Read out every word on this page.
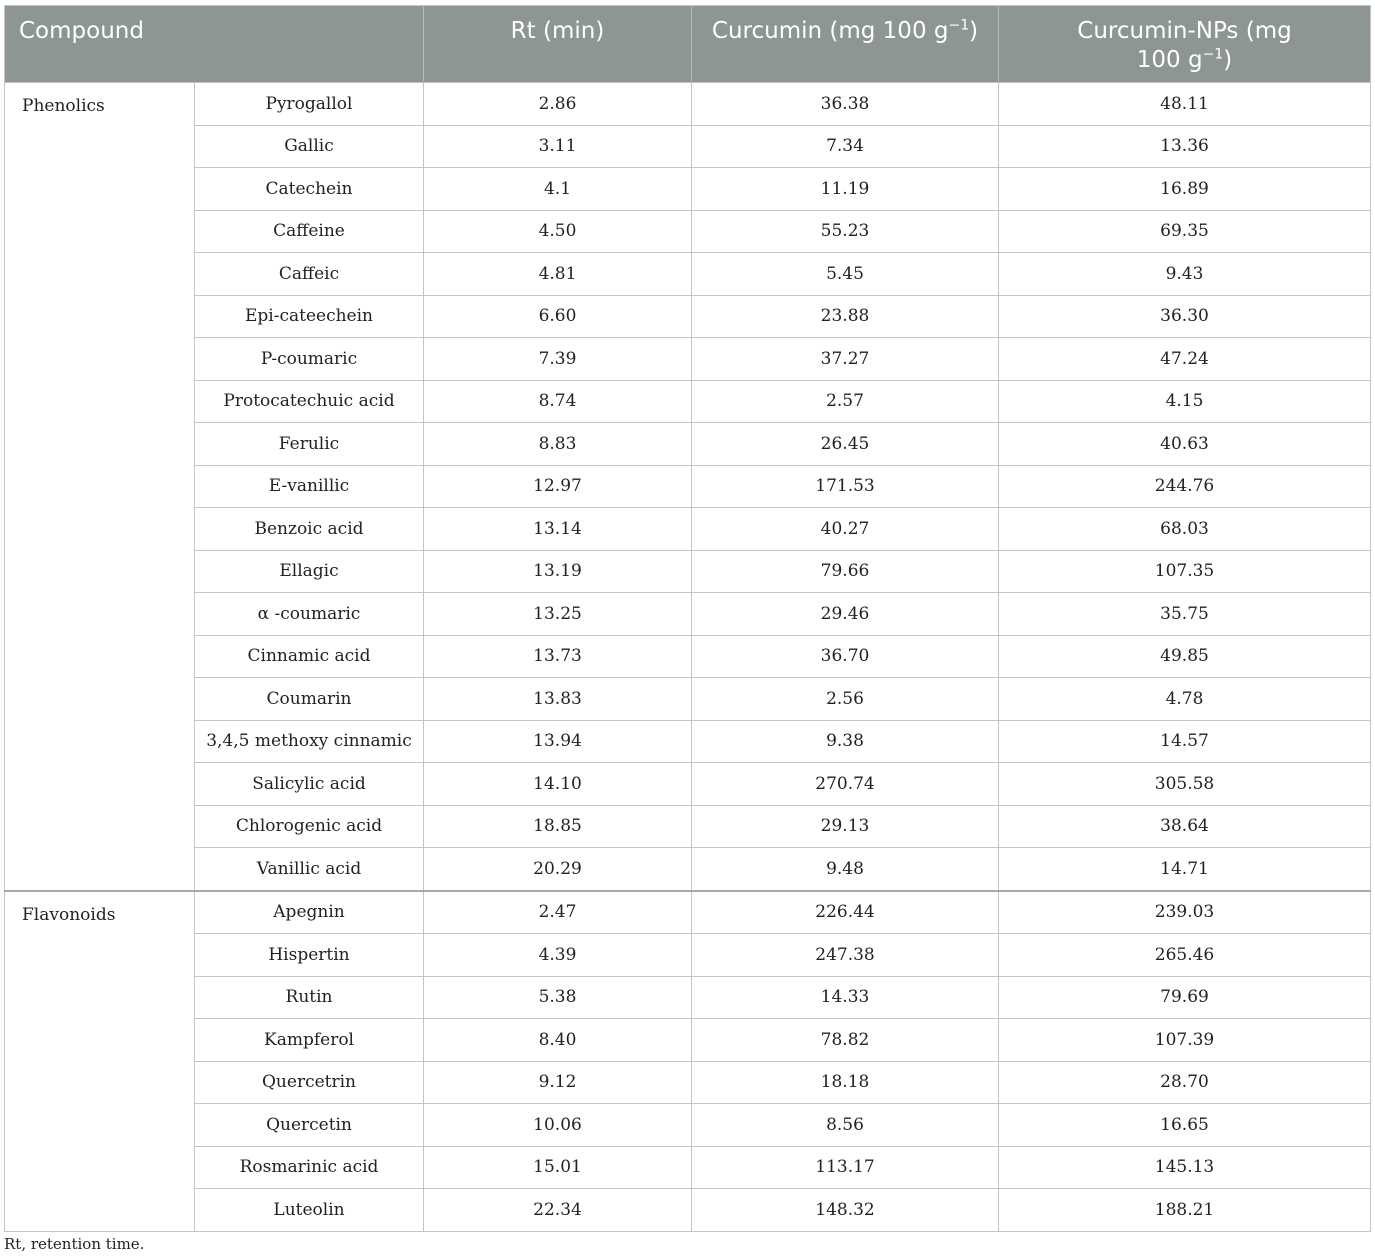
Compound		Rt (min)	Curcumin (mg 100 $g^{-1}$)	Curcumin-NPs (mg
100 $g^{-1}$)

Phenolics	Pyrogallol	2.86	36.38	48.11
	Gallic	3.11	7.34	13.36
	Catechein	4.1	11.19	16.89
	Caffeine	4.50	55.23	69.35
	Caffeic	4.81	5.45	9.43
	Epi-cateechein	6.60	23.88	36.30
	P-coumaric	7.39	37.27	47.24
	Protocatechuic acid	8.74	2.57	4.15
	Ferulic	8.83	26.45	40.63
	E-vanillic	12.97	171.53	244.76
	Benzoic acid	13.14	40.27	68.03
	Ellagic	13.19	79.66	107.35
	α -coumaric	13.25	29.46	35.75
	Cinnamic acid	13.73	36.70	49.85
	Coumarin	13.83	2.56	4.78
	3,4,5 methoxy cinnamic	13.94	9.38	14.57
	Salicylic acid	14.10	270.74	305.58
	Chlorogenic acid	18.85	29.13	38.64
	Vanillic acid	20.29	9.48	14.71
Flavonoids	Apegnin	2.47	226.44	239.03
	Hispertin	4.39	247.38	265.46
	Rutin	5.38	14.33	79.69
	Kampferol	8.40	78.82	107.39
	Quercetrin	9.12	18.18	28.70
	Quercetin	10.06	8.56	16.65
	Rosmarinic acid	15.01	113.17	145.13
	Luteolin	22.34	148.32	188.21
Rt, retention time.
